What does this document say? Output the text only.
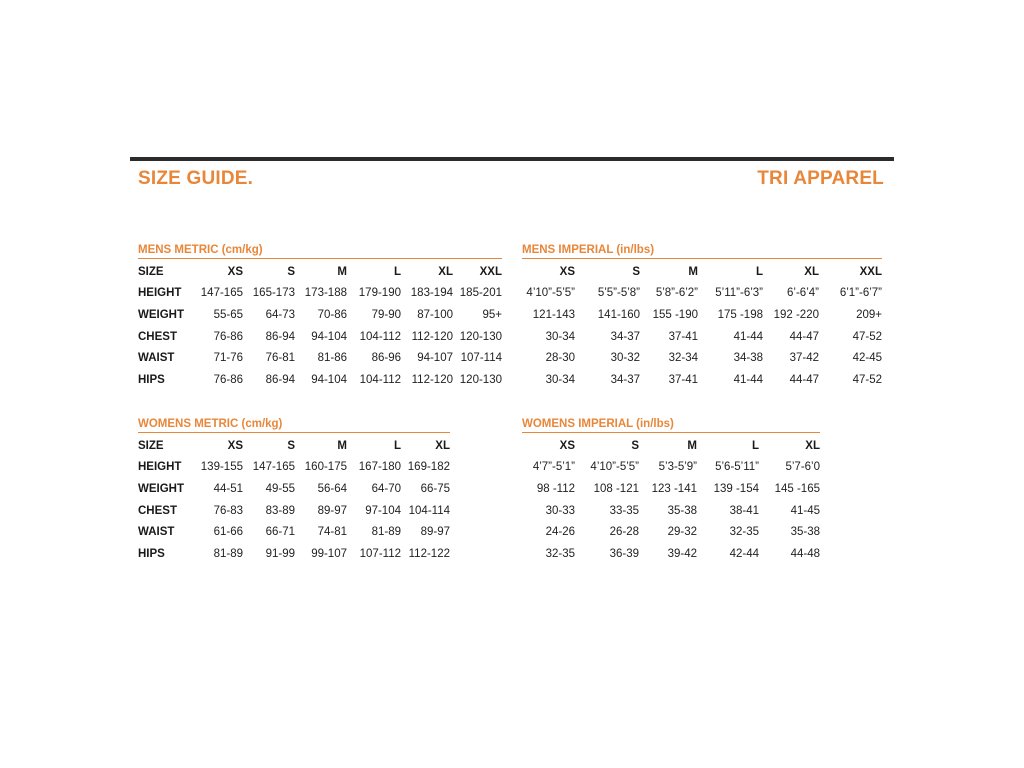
SIZE GUIDE.	TRI APPAREL
MENS METRIC (cm/kg)
SIZE	XS	S	M	L	XL	XXL
HEIGHT	147-165	165-173	173-188	179-190	183-194	185-201
WEIGHT	55-65	64-73	70-86	79-90	87-100	95+
CHEST	76-86	86-94	94-104	104-112	112-120	120-130
WAIST	71-76	76-81	81-86	86-96	94-107	107-114
HIPS	76-86	86-94	94-104	104-112	112-120	120-130
MENS IMPERIAL (in/lbs)
XS	S	M	L	XL	XXL
4’10”-5’5”	5’5”-5’8”	5’8”-6’2”	5’11”-6’3”	6’-6’4”	6’1”-6’7”
121-143	141-160	155 -190	175 -198	192 -220	209+
30-34	34-37	37-41	41-44	44-47	47-52
28-30	30-32	32-34	34-38	37-42	42-45
30-34	34-37	37-41	41-44	44-47	47-52
WOMENS METRIC (cm/kg)
SIZE	XS	S	M	L	XL
HEIGHT	139-155	147-165	160-175	167-180	169-182
WEIGHT	44-51	49-55	56-64	64-70	66-75
CHEST	76-83	83-89	89-97	97-104	104-114
WAIST	61-66	66-71	74-81	81-89	89-97
HIPS	81-89	91-99	99-107	107-112	112-122
WOMENS IMPERIAL (in/lbs)
XS	S	M	L	XL
4’7”-5’1”	4’10”-5’5”	5’3-5’9”	5’6-5’11”	5’7-6’0
98 -112	108 -121	123 -141	139 -154	145 -165
30-33	33-35	35-38	38-41	41-45
24-26	26-28	29-32	32-35	35-38
32-35	36-39	39-42	42-44	44-48
